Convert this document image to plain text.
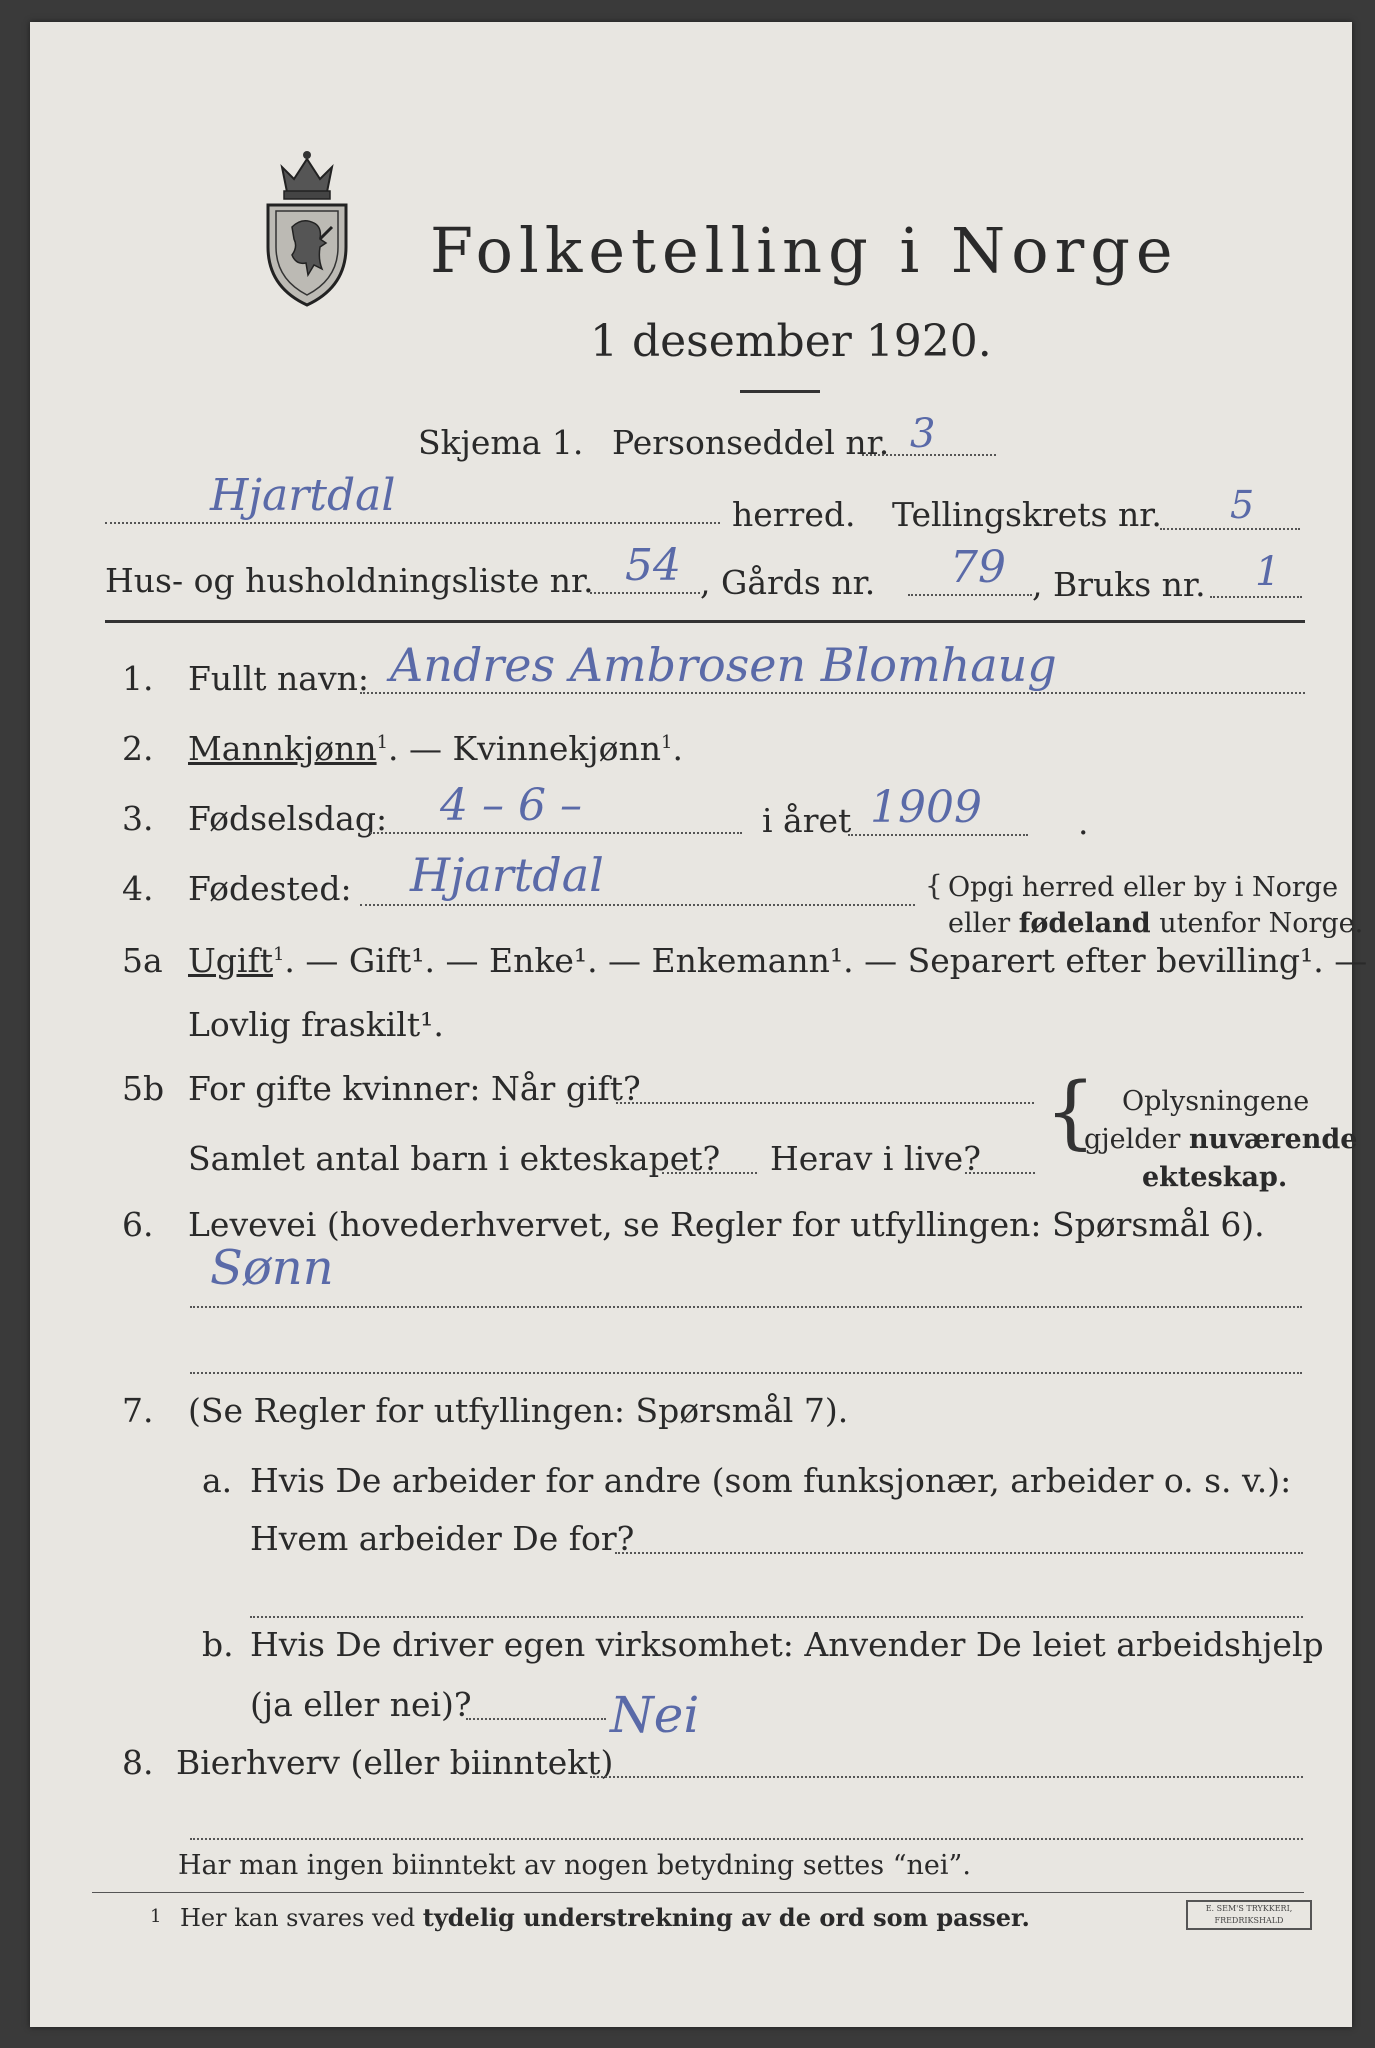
Folketelling i Norge
1 desember 1920.
Skjema 1. Personseddel nr. 3
Hjartdal	herred. Tellingskrets nr. 5
Hus- og husholdningsliste nr. 54 , Gårds nr. 79 , Bruks nr. 1
1. Fullt navn: Andres Ambrosen Blomhaug
2. Mannkjønn$^1$. — Kvinnekjønn$^1$.
3. Fødselsdag: 4 – 6 –	i året 1909	.
4. Fødested: Hjartdal	{ Opgi herred eller by i Norge
eller fødeland utenfor Norge.
5a Ugift$^1$. — Gift¹. — Enke¹. — Enkemann¹. — Separert efter bevilling¹. —
Lovlig fraskilt¹.
5b For gifte kvinner: Når gift?
Samlet antal barn i ekteskapet? Herav i live?
{ Oplysningene
gjelder nuværende
ekteskap.
6. Levevei (hovederhvervet, se Regler for utfyllingen: Spørsmål 6).
Sønn
7. (Se Regler for utfyllingen: Spørsmål 7).
a. Hvis De arbeider for andre (som funksjonær, arbeider o. s. v.):
Hvem arbeider De for?
b. Hvis De driver egen virksomhet: Anvender De leiet arbeidshjelp
(ja eller nei)?	Nei
8. Bierhverv (eller biinntekt)
Har man ingen biinntekt av nogen betydning settes “nei”.
1 Her kan svares ved tydelig understrekning av de ord som passer.	E. SEM'S TRYKKERI, FREDRIKSHALD
